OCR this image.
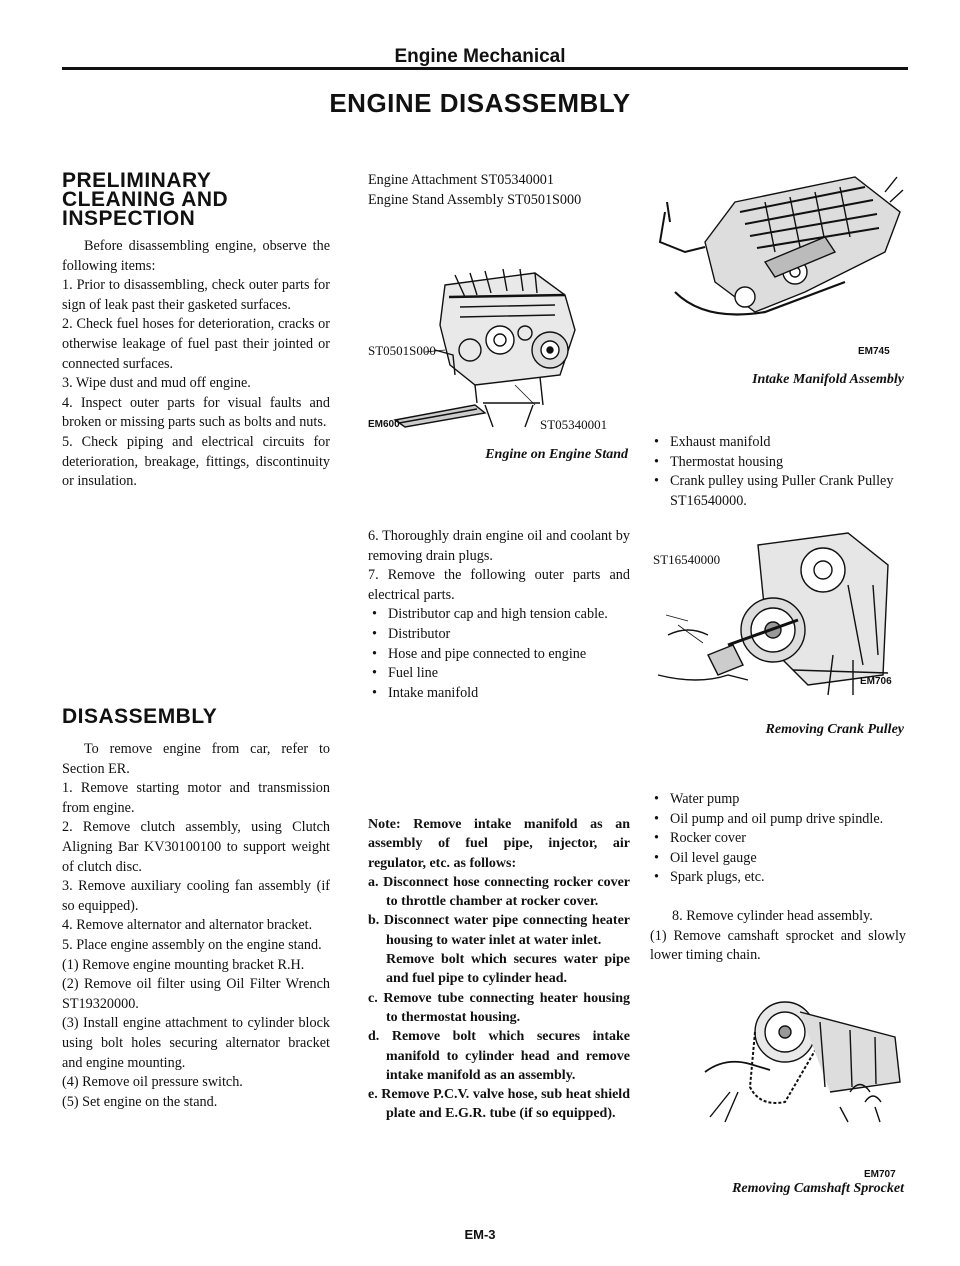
Engine Mechanical
ENGINE DISASSEMBLY
PRELIMINARY
CLEANING AND
INSPECTION

Before disassembling engine, observe the following items:

1. Prior to disassembling, check outer parts for sign of leak past their gasketed surfaces.

2. Check fuel hoses for deterioration, cracks or otherwise leakage of fuel past their jointed or connected surfaces.

3. Wipe dust and mud off engine.

4. Inspect outer parts for visual faults and broken or missing parts such as bolts and nuts.

5. Check piping and electrical circuits for deterioration, breakage, fittings, discontinuity or insulation.

DISASSEMBLY

To remove engine from car, refer to Section ER.

1. Remove starting motor and transmission from engine.

2. Remove clutch assembly, using Clutch Aligning Bar KV30100100 to support weight of clutch disc.

3. Remove auxiliary cooling fan assembly (if so equipped).

4. Remove alternator and alternator bracket.

5. Place engine assembly on the engine stand.

(1) Remove engine mounting bracket R.H.

(2) Remove oil filter using Oil Filter Wrench ST19320000.

(3) Install engine attachment to cylinder block using bolt holes securing alternator bracket and engine mounting.

(4) Remove oil pressure switch.

(5) Set engine on the stand.

Engine Attachment ST05340001

Engine Stand Assembly ST0501S000

ST0501S000
ST05340001
EM600
Engine on Engine Stand

6. Thoroughly drain engine oil and coolant by removing drain plugs.

7. Remove the following outer parts and electrical parts.

• Distributor cap and high tension cable.
• Distributor
• Hose and pipe connected to engine
• Fuel line
• Intake manifold

Note: Remove intake manifold as an assembly of fuel pipe, injector, air regulator, etc. as follows:

a. Disconnect hose connecting rocker cover to throttle chamber at rocker cover.

b. Disconnect water pipe connecting heater housing to water inlet at water inlet.

Remove bolt which secures water pipe and fuel pipe to cylinder head.

c. Remove tube connecting heater housing to thermostat housing.

d. Remove bolt which secures intake manifold to cylinder head and remove intake manifold as an assembly.

e. Remove P.C.V. valve hose, sub heat shield plate and E.G.R. tube (if so equipped).

EM745
Intake Manifold Assembly
• Exhaust manifold
• Thermostat housing
• Crank pulley using Puller Crank Pulley ST16540000.
ST16540000
EM706
Removing Crank Pulley
• Water pump
• Oil pump and oil pump drive spindle.
• Rocker cover
• Oil level gauge
• Spark plugs, etc.

8. Remove cylinder head assembly.

(1) Remove camshaft sprocket and slowly lower timing chain.

EM707
Removing Camshaft Sprocket
EM-3
